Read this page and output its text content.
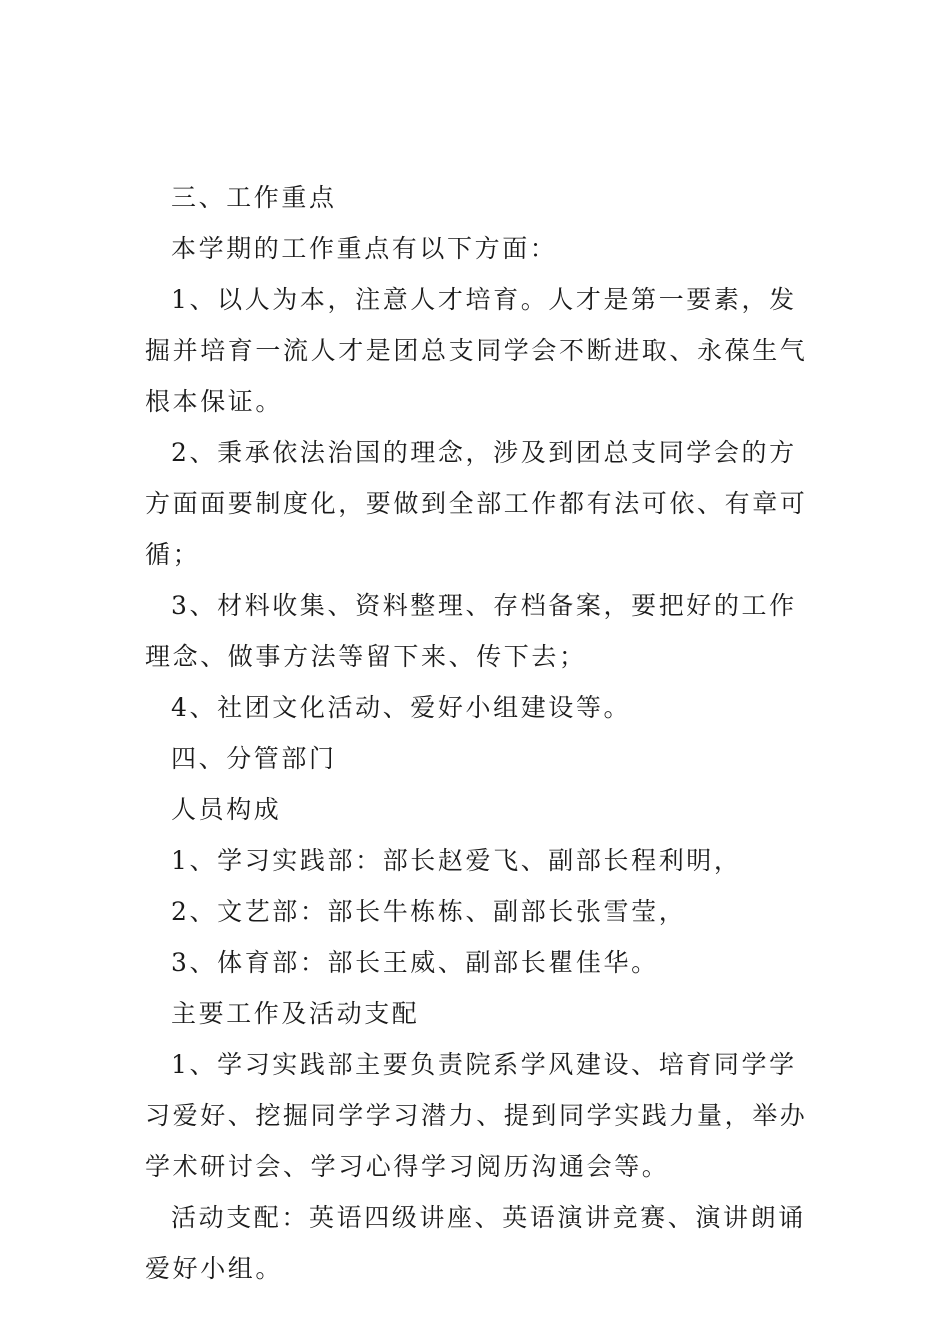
三、工作重点

本学期的工作重点有以下方面：

1、以人为本，注意人才培育。人才是第一要素，发掘并培育一流人才是团总支同学会不断进取、永葆生气根本保证。

2、秉承依法治国的理念，涉及到团总支同学会的方方面面要制度化，要做到全部工作都有法可依、有章可循；

3、材料收集、资料整理、存档备案，要把好的工作理念、做事方法等留下来、传下去；

4、社团文化活动、爱好小组建设等。

四、分管部门

人员构成

1、学习实践部：部长赵爱飞、副部长程利明，

2、文艺部：部长牛栋栋、副部长张雪莹，

3、体育部：部长王威、副部长瞿佳华。

主要工作及活动支配

1、学习实践部主要负责院系学风建设、培育同学学习爱好、挖掘同学学习潜力、提到同学实践力量，举办学术研讨会、学习心得学习阅历沟通会等。

活动支配：英语四级讲座、英语演讲竞赛、演讲朗诵爱好小组。
